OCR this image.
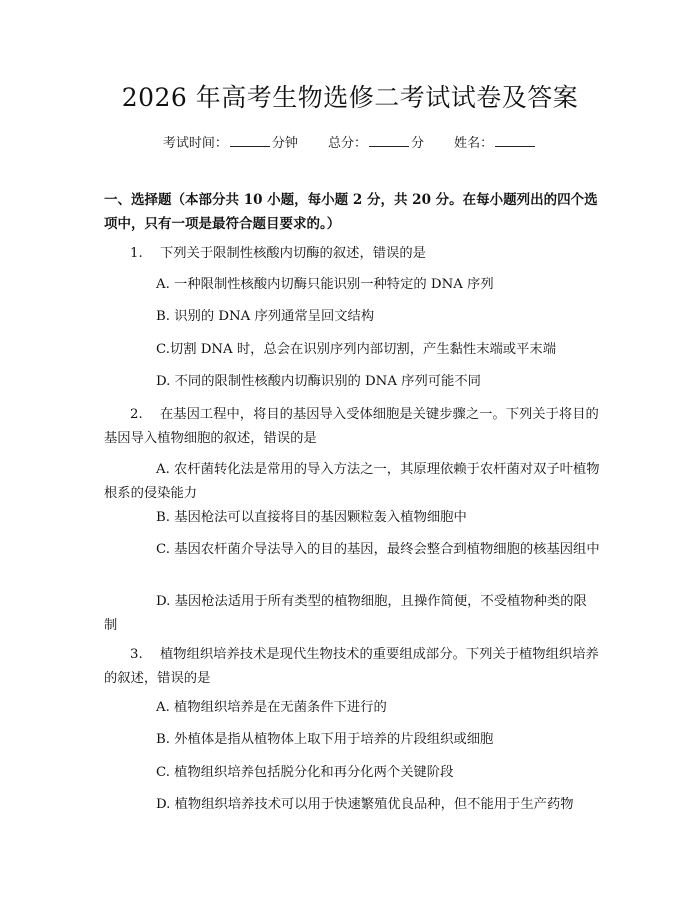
2026 年高考生物选修二考试试卷及答案
考试时间：	分钟 总分：	分 姓名：
一、选择题（本部分共 10 小题，每小题 2 分，共 20 分。在每小题列出的四个选项中，只有一项是最符合题目要求的。）
1. 下列关于限制性核酸内切酶的叙述，错误的是
A. 一种限制性核酸内切酶只能识别一种特定的 DNA 序列
B. 识别的 DNA 序列通常呈回文结构
C.切割 DNA 时，总会在识别序列内部切割，产生黏性末端或平末端
D. 不同的限制性核酸内切酶识别的 DNA 序列可能不同
2. 在基因工程中，将目的基因导入受体细胞是关键步骤之一。下列关于将目的基因导入植物细胞的叙述，错误的是
A. 农杆菌转化法是常用的导入方法之一，其原理依赖于农杆菌对双子叶植物根系的侵染能力
B. 基因枪法可以直接将目的基因颗粒轰入植物细胞中
C. 基因农杆菌介导法导入的目的基因，最终会整合到植物细胞的核基因组中
D. 基因枪法适用于所有类型的植物细胞，且操作简便，不受植物种类的限制
3. 植物组织培养技术是现代生物技术的重要组成部分。下列关于植物组织培养的叙述，错误的是
A. 植物组织培养是在无菌条件下进行的
B. 外植体是指从植物体上取下用于培养的片段组织或细胞
C. 植物组织培养包括脱分化和再分化两个关键阶段
D. 植物组织培养技术可以用于快速繁殖优良品种，但不能用于生产药物
